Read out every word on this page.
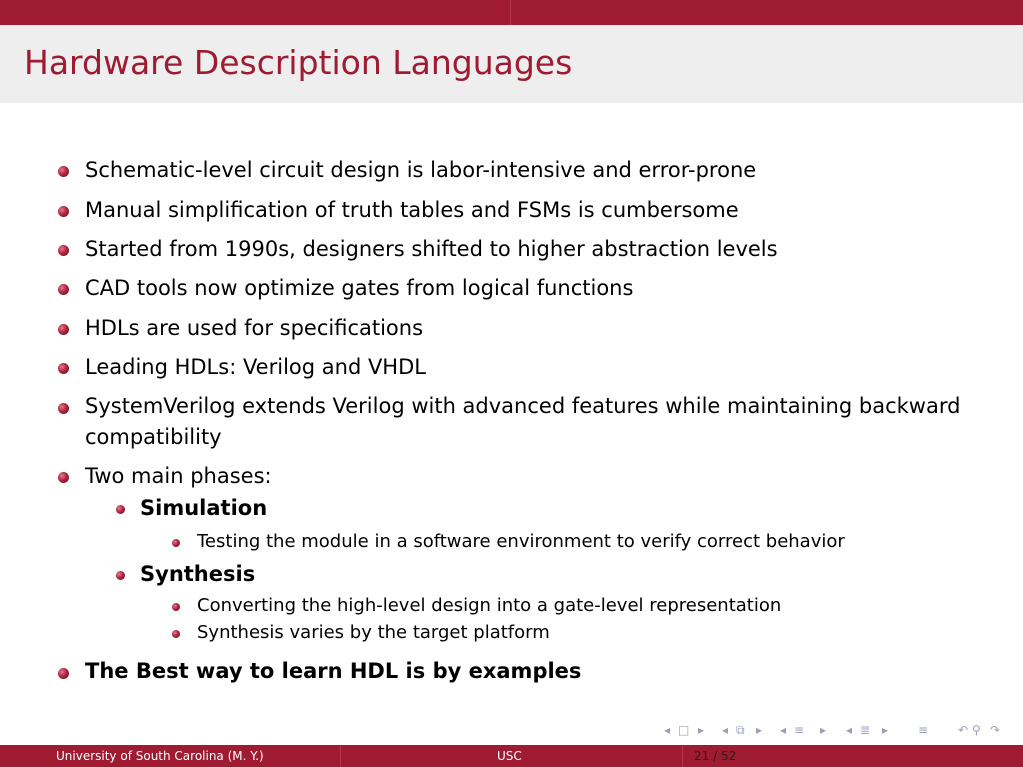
Hardware Description Languages
Schematic-level circuit design is labor-intensive and error-prone
Manual simplification of truth tables and FSMs is cumbersome
Started from 1990s, designers shifted to higher abstraction levels
CAD tools now optimize gates from logical functions
HDLs are used for specifications
Leading HDLs: Verilog and VHDL
SystemVerilog extends Verilog with advanced features while maintaining backward compatibility
Two main phases:
Simulation
Testing the module in a software environment to verify correct behavior
Synthesis
Converting the high-level design into a gate-level representation
Synthesis varies by the target platform
The Best way to learn HDL is by examples
◂ □ ▸ ◂ ⧉ ▸ ◂ ≡ ▸ ◂ ≣ ▸ ≡ ↶ ⚲ ↷
University of South Carolina (M. Y.)	USC	21 / 52
